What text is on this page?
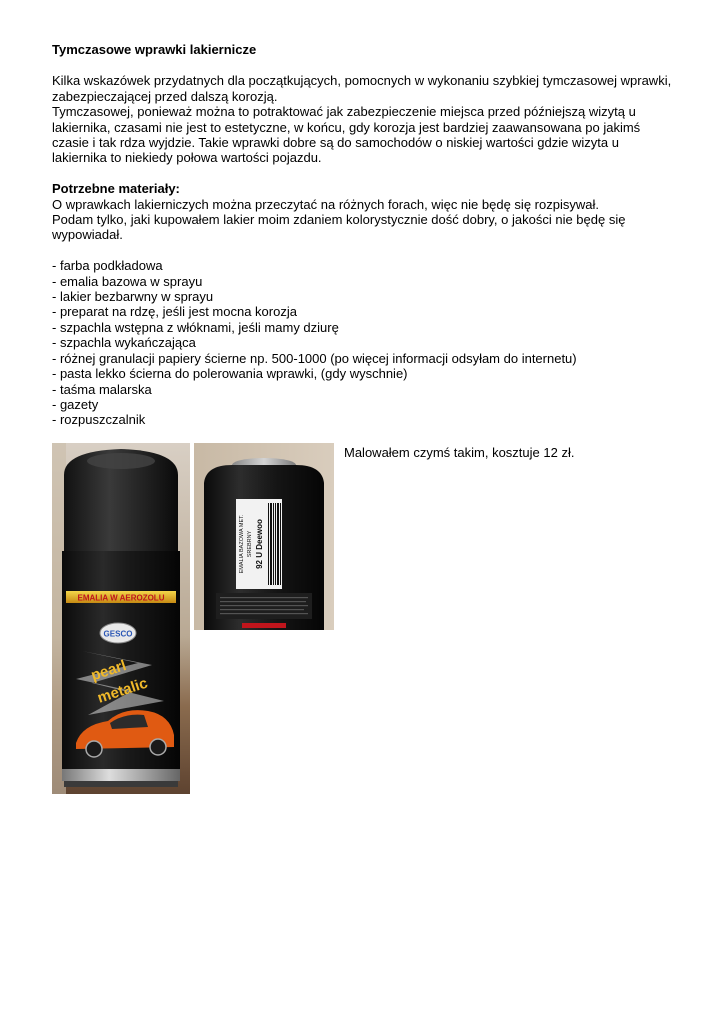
Tymczasowe wprawki lakiernicze

Kilka wskazówek przydatnych dla początkujących, pomocnych w wykonaniu szybkiej tymczasowej wprawki, zabezpieczającej przed dalszą korozją.

Tymczasowej, ponieważ można to potraktować jak zabezpieczenie miejsca przed późniejszą wizytą u lakiernika, czasami nie jest to estetyczne, w końcu, gdy korozja jest bardziej zaawansowana po jakimś czasie i tak rdza wyjdzie. Takie wprawki dobre są do samochodów o niskiej wartości gdzie wizyta u lakiernika to niekiedy połowa wartości pojazdu.

Potrzebne materiały:

O wprawkach lakierniczych można przeczytać na różnych forach, więc nie będę się rozpisywał.

Podam tylko, jaki kupowałem lakier moim zdaniem kolorystycznie dość dobry, o jakości nie będę się wypowiadał.

- farba podkładowa
- emalia bazowa w sprayu
- lakier bezbarwny w sprayu
- preparat na rdzę, jeśli jest mocna korozja
- szpachla wstępna z włóknami, jeśli mamy dziurę
- szpachla wykańczająca
- różnej granulacji papiery ścierne np. 500-1000 (po więcej informacji odsyłam do internetu)
- pasta lekko ścierna do polerowania wprawki, (gdy wyschnie)
- taśma malarska
- gazety
- rozpuszczalnik
EMALIA W AEROZOLU
GESCO
pearl
metalic
EMALIA BAZOWA MET. SREBRNY 92 U Deewoo

Malowałem czymś takim, kosztuje 12 zł.
